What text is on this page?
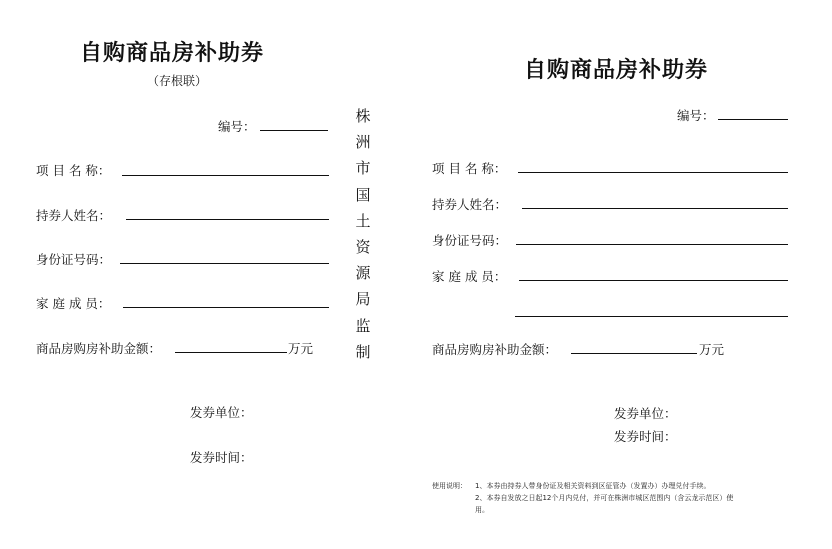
自购商品房补助券
（存根联）
编号：
项 目 名 称：
持券人姓名：
身份证号码：
家 庭 成 员：
商品房购房补助金额：	万元
发券单位：
发券时间：
株
洲
市
国
土
资
源
局
监
制
自购商品房补助券
编号：
项 目 名 称：
持券人姓名：
身份证号码：
家 庭 成 员：
商品房购房补助金额：	万元
发券单位：
发券时间：
使用说明： 1、本券由持券人带身份证及相关资料到区征管办（发置办）办理兑付手续。
2、本券自发放之日起12个月内兑付，并可在株洲市城区范围内（含云龙示范区）使
用。
